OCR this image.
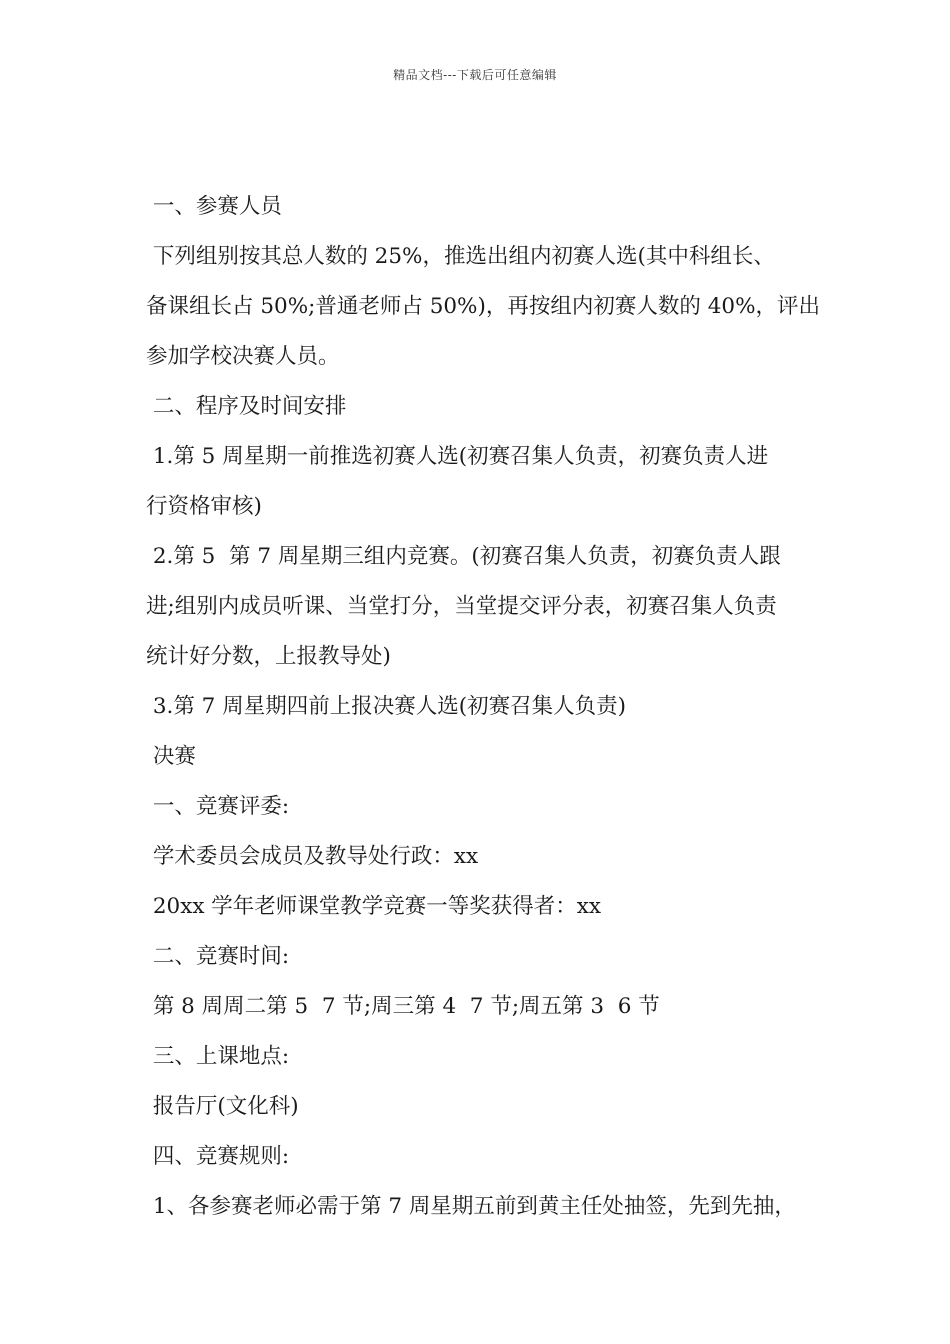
精品文档---下载后可任意编辑

一、参赛人员

下列组别按其总人数的 25%，推选出组内初赛人选(其中科组长、

备课组长占 50%;普通老师占 50%)，再按组内初赛人数的 40%，评出

参加学校决赛人员。

二、程序及时间安排

1.第 5 周星期一前推选初赛人选(初赛召集人负责，初赛负责人进

行资格审核)

2.第 5  第 7 周星期三组内竞赛。(初赛召集人负责，初赛负责人跟

进;组别内成员听课、当堂打分，当堂提交评分表，初赛召集人负责

统计好分数，上报教导处)

3.第 7 周星期四前上报决赛人选(初赛召集人负责)

决赛

一、竞赛评委:

学术委员会成员及教导处行政：xx

20xx 学年老师课堂教学竞赛一等奖获得者：xx

二、竞赛时间:

第 8 周周二第 5  7 节;周三第 4  7 节;周五第 3  6 节

三、上课地点:

报告厅(文化科)

四、竞赛规则:

1、各参赛老师必需于第 7 周星期五前到黄主任处抽签，先到先抽，
